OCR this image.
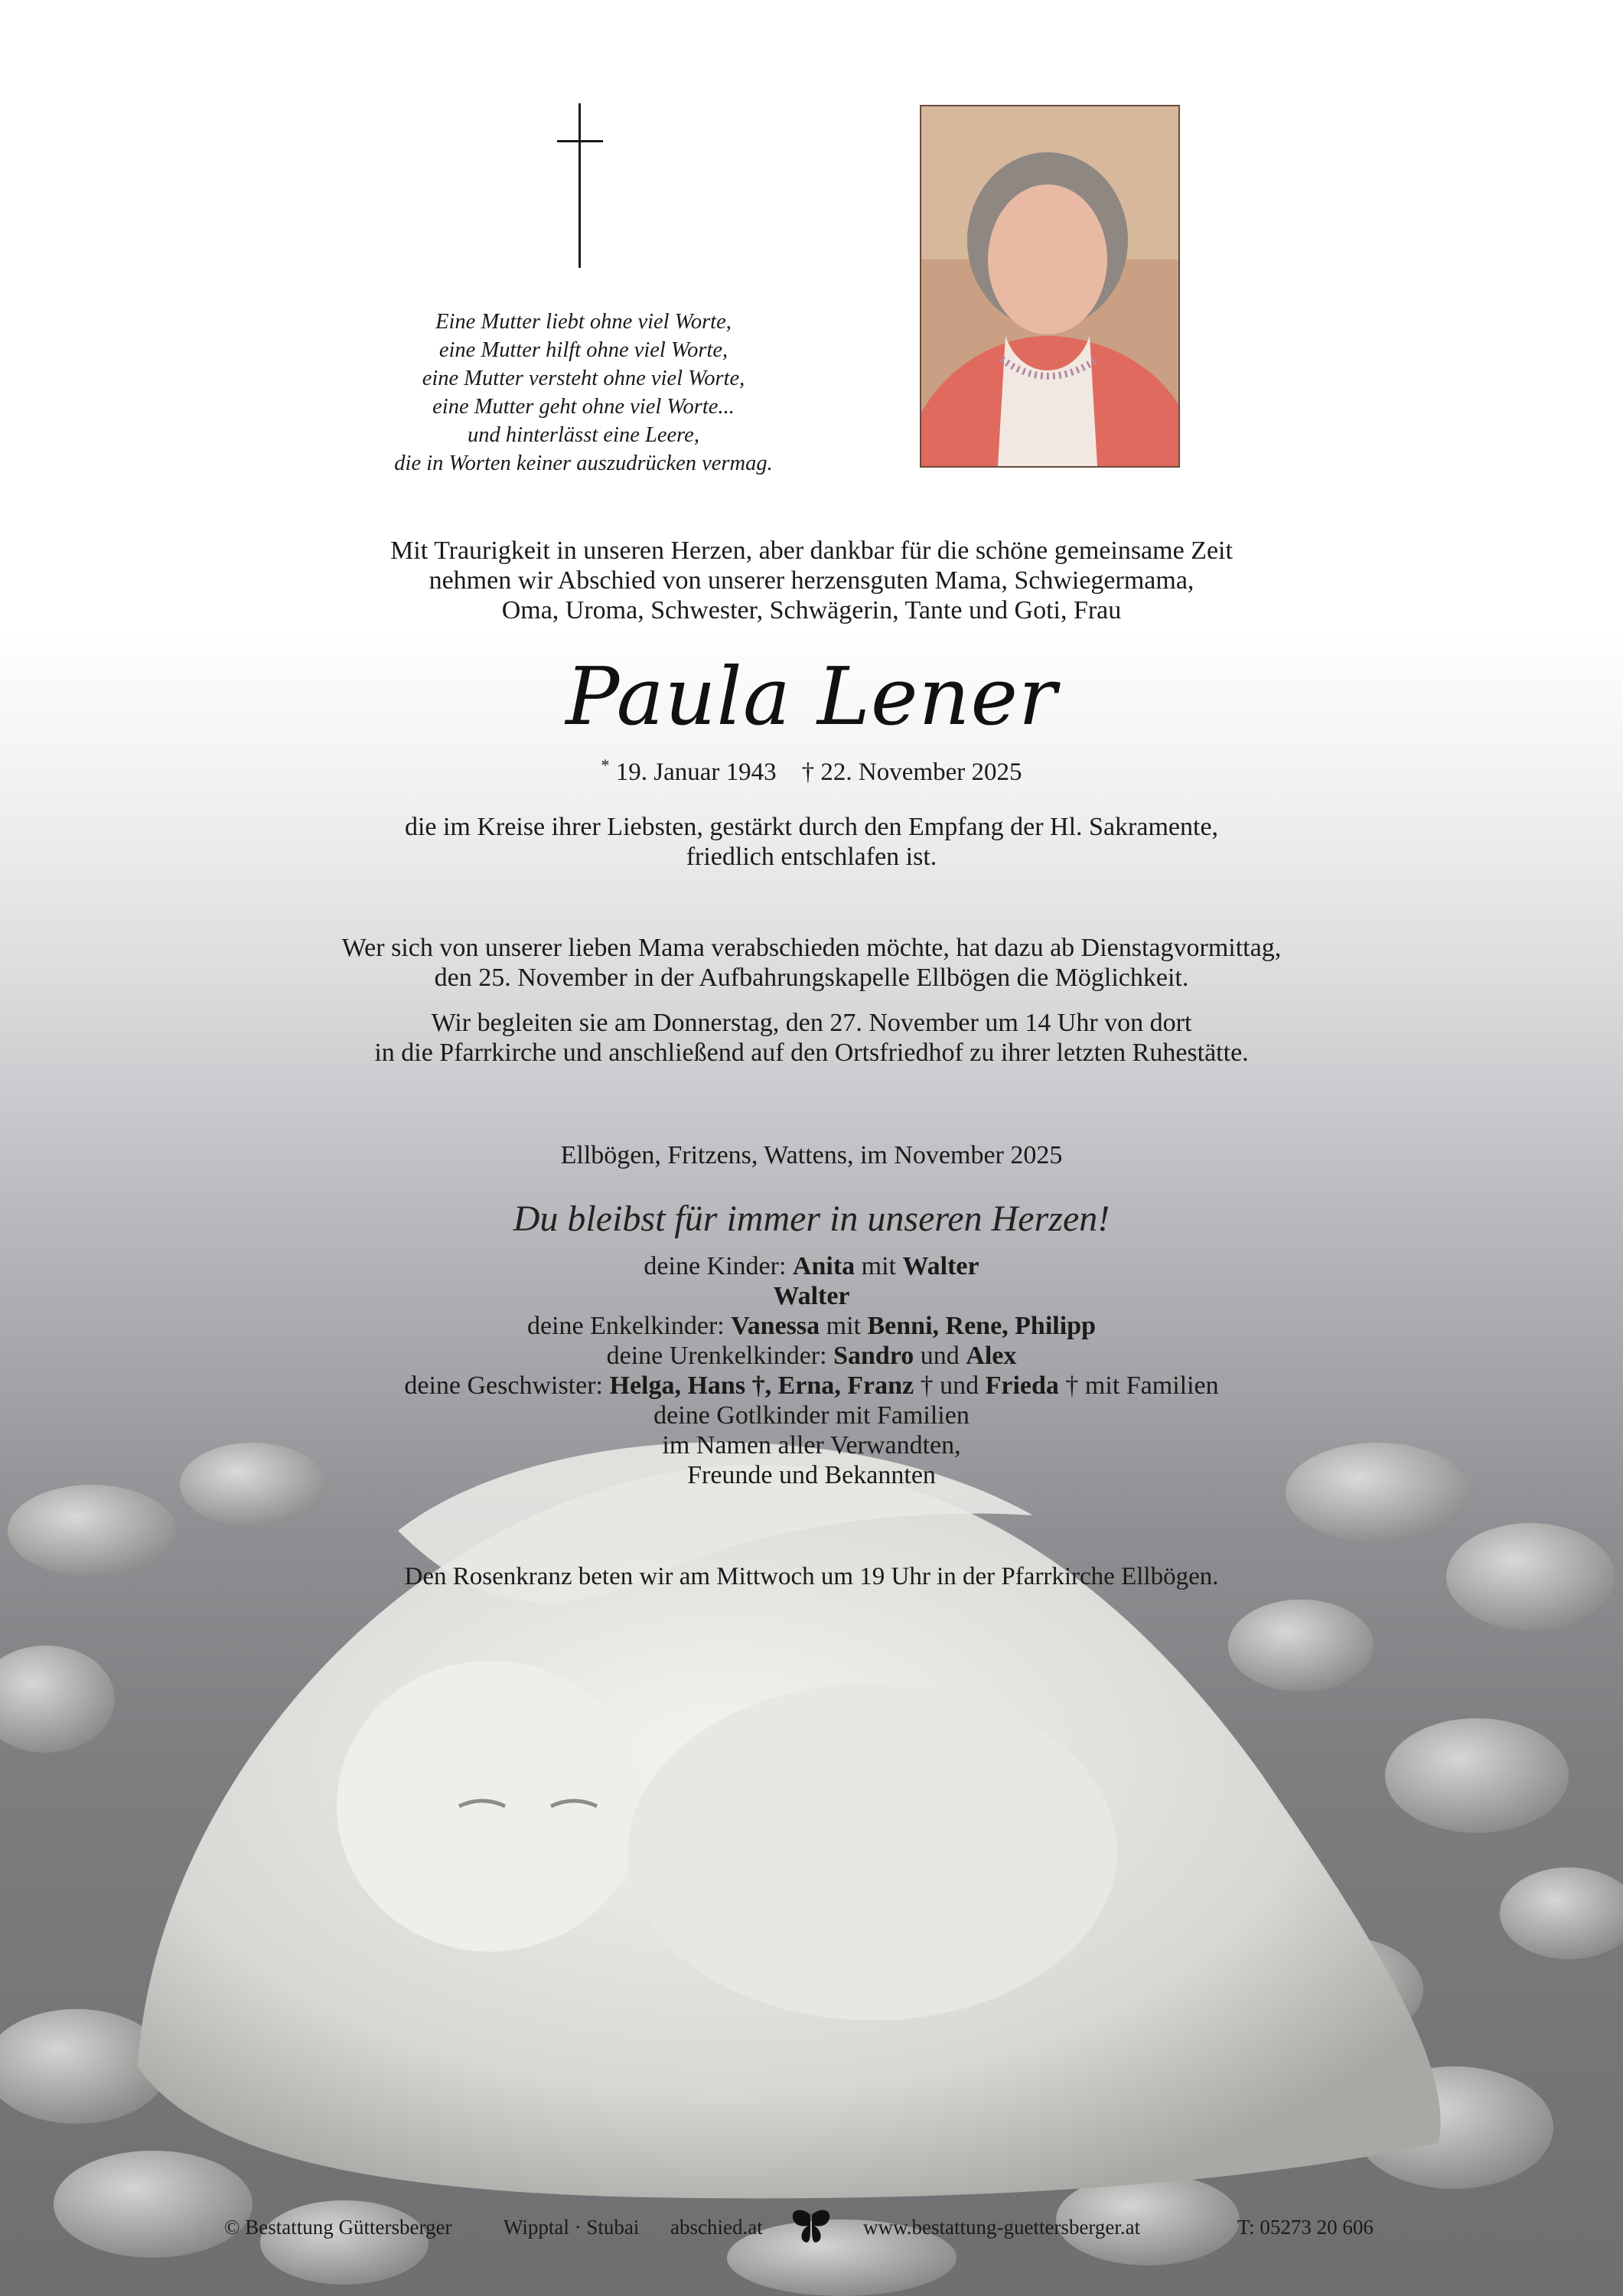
Eine Mutter liebt ohne viel Worte,
eine Mutter hilft ohne viel Worte,
eine Mutter versteht ohne viel Worte,
eine Mutter geht ohne viel Worte...
und hinterlässt eine Leere,
die in Worten keiner auszudrücken vermag.
Mit Traurigkeit in unseren Herzen, aber dankbar für die schöne gemeinsame Zeit
nehmen wir Abschied von unserer herzensguten Mama, Schwiegermama,
Oma, Uroma, Schwester, Schwägerin, Tante und Goti, Frau
Paula Lener
* 19. Januar 1943 † 22. November 2025
die im Kreise ihrer Liebsten, gestärkt durch den Empfang der Hl. Sakramente,
friedlich entschlafen ist.
Wer sich von unserer lieben Mama verabschieden möchte, hat dazu ab Dienstagvormittag,
den 25. November in der Aufbahrungskapelle Ellbögen die Möglichkeit.
Wir begleiten sie am Donnerstag, den 27. November um 14 Uhr von dort
in die Pfarrkirche und anschließend auf den Ortsfriedhof zu ihrer letzten Ruhestätte.
Ellbögen, Fritzens, Wattens, im November 2025
Du bleibst für immer in unseren Herzen!
deine Kinder: Anita mit Walter
Walter
deine Enkelkinder: Vanessa mit Benni, Rene, Philipp
deine Urenkelkinder: Sandro und Alex
deine Geschwister: Helga, Hans †, Erna, Franz † und Frieda † mit Familien
deine Gotlkinder mit Familien
im Namen aller Verwandten,
Freunde und Bekannten
Den Rosenkranz beten wir am Mittwoch um 19 Uhr in der Pfarrkirche Ellbögen.
© Bestattung Güttersberger	Wipptal · Stubai abschied.at	www.bestattung-guettersberger.at	T: 05273 20 606
